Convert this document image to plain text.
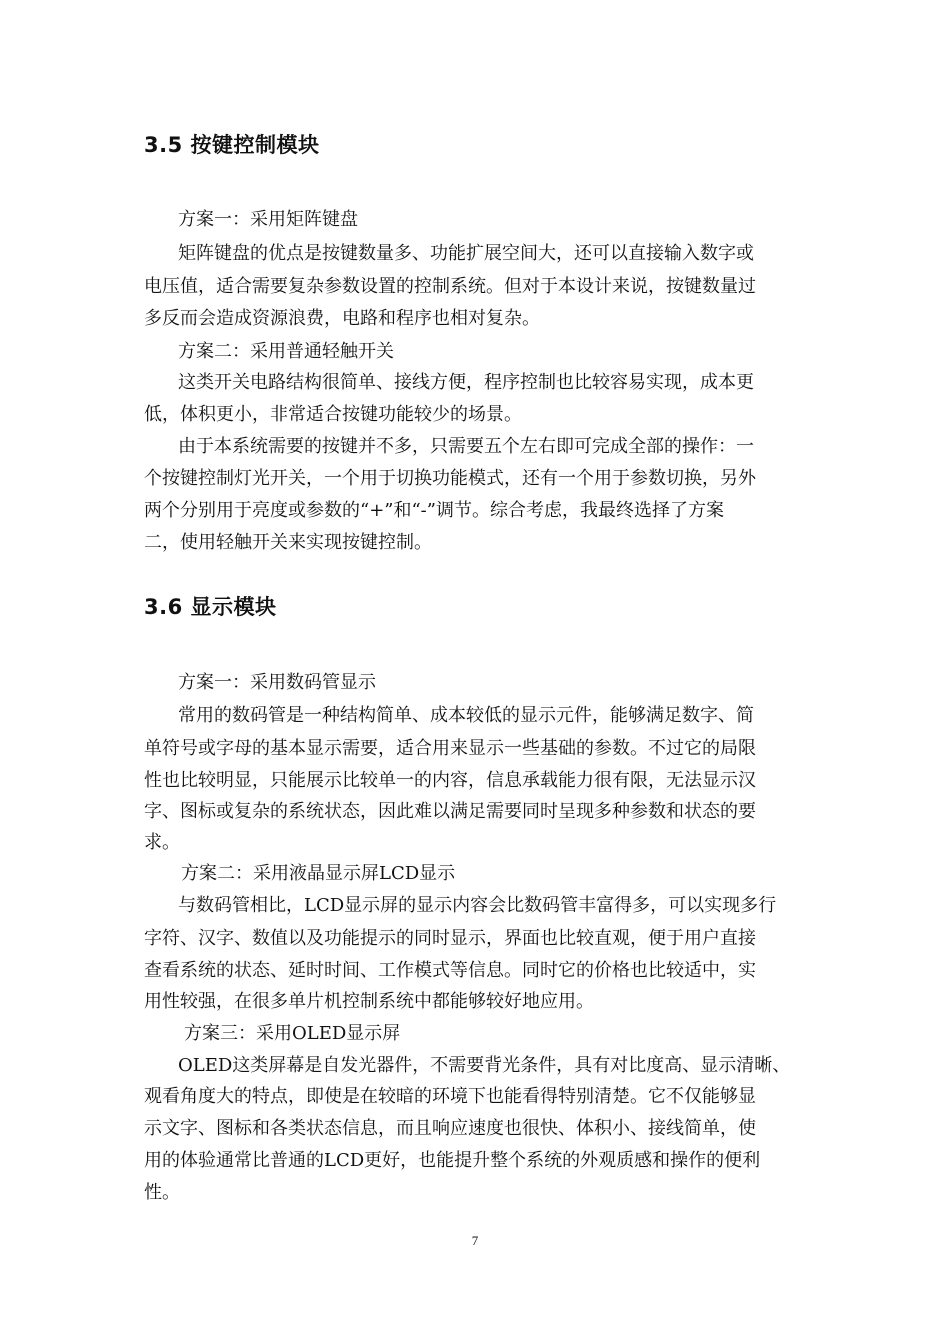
3.5 按键控制模块

方案一：采用矩阵键盘

矩阵键盘的优点是按键数量多、功能扩展空间大，还可以直接输入数字或

电压值，适合需要复杂参数设置的控制系统。但对于本设计来说，按键数量过

多反而会造成资源浪费，电路和程序也相对复杂。

方案二：采用普通轻触开关

这类开关电路结构很简单、接线方便，程序控制也比较容易实现，成本更

低，体积更小，非常适合按键功能较少的场景。

由于本系统需要的按键并不多，只需要五个左右即可完成全部的操作：一

个按键控制灯光开关，一个用于切换功能模式，还有一个用于参数切换，另外

两个分别用于亮度或参数的“+”和“-”调节。综合考虑，我最终选择了方案

二，使用轻触开关来实现按键控制。

3.6 显示模块

方案一：采用数码管显示

常用的数码管是一种结构简单、成本较低的显示元件，能够满足数字、简

单符号或字母的基本显示需要，适合用来显示一些基础的参数。不过它的局限

性也比较明显，只能展示比较单一的内容，信息承载能力很有限，无法显示汉

字、图标或复杂的系统状态，因此难以满足需要同时呈现多种参数和状态的要

求。

方案二：采用液晶显示屏LCD显示

与数码管相比，LCD显示屏的显示内容会比数码管丰富得多，可以实现多行

字符、汉字、数值以及功能提示的同时显示，界面也比较直观，便于用户直接

查看系统的状态、延时时间、工作模式等信息。同时它的价格也比较适中，实

用性较强，在很多单片机控制系统中都能够较好地应用。

方案三：采用OLED显示屏

OLED这类屏幕是自发光器件，不需要背光条件，具有对比度高、显示清晰、

观看角度大的特点，即使是在较暗的环境下也能看得特别清楚。它不仅能够显

示文字、图标和各类状态信息，而且响应速度也很快、体积小、接线简单，使

用的体验通常比普通的LCD更好，也能提升整个系统的外观质感和操作的便利

性。

7
